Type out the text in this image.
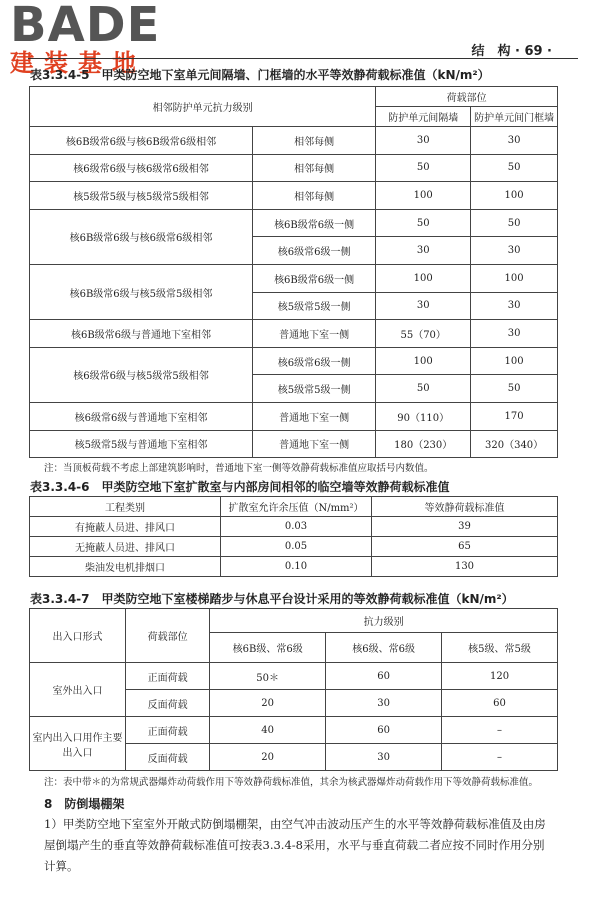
BADE
建装基地	结　构 · 69 ·
表3.3.4-5　甲类防空地下室单元间隔墙、门框墙的水平等效静荷载标准值（kN/m²）
相邻防护单元抗力级别		荷载部位	
		防护单元间隔墙	防护单元间门框墙
核6B级常6级与核6B级常6级相邻	相邻每侧	30	30
核6级常6级与核6级常6级相邻	相邻每侧	50	50
核5级常5级与核5级常5级相邻	相邻每侧	100	100
核6B级常6级与核6级常6级相邻	核6B级常6级一侧	50	50
	核6级常6级一侧	30	30
核6B级常6级与核5级常5级相邻	核6B级常6级一侧	100	100
	核5级常5级一侧	30	30
核6B级常6级与普通地下室相邻	普通地下室一侧	55（70）	30
核6级常6级与核5级常5级相邻	核6级常6级一侧	100	100
	核5级常5级一侧	50	50
核6级常6级与普通地下室相邻	普通地下室一侧	90（110）	170
核5级常5级与普通地下室相邻	普通地下室一侧	180（230）	320（340）
注：当顶板荷载不考虑上部建筑影响时，普通地下室一侧等效静荷载标准值应取括号内数值。
表3.3.4-6　甲类防空地下室扩散室与内部房间相邻的临空墙等效静荷载标准值
工程类别	扩散室允许余压值（N/mm²）	等效静荷载标准值
有掩蔽人员进、排风口	0.03	39
无掩蔽人员进、排风口	0.05	65
柴油发电机排烟口	0.10	130
表3.3.4-7　甲类防空地下室楼梯踏步与休息平台设计采用的等效静荷载标准值（kN/m²）
出入口形式	荷载部位	抗力级别		
		核6B级、常6级	核6级、常6级	核5级、常5级
室外出入口	正面荷载	50＊	60	120
	反面荷载	20	30	60
室内出入口用作主要出入口	正面荷载	40	60	–
	反面荷载	20	30	–
注：表中带＊的为常规武器爆炸动荷载作用下等效静荷载标准值，其余为核武器爆炸动荷载作用下等效静荷载标准值。
8　防倒塌棚架
1）甲类防空地下室室外开敞式防倒塌棚架，由空气冲击波动压产生的水平等效静荷载标准值及由房屋倒塌产生的垂直等效静荷载标准值可按表3.3.4-8采用，水平与垂直荷载二者应按不同时作用分别计算。
